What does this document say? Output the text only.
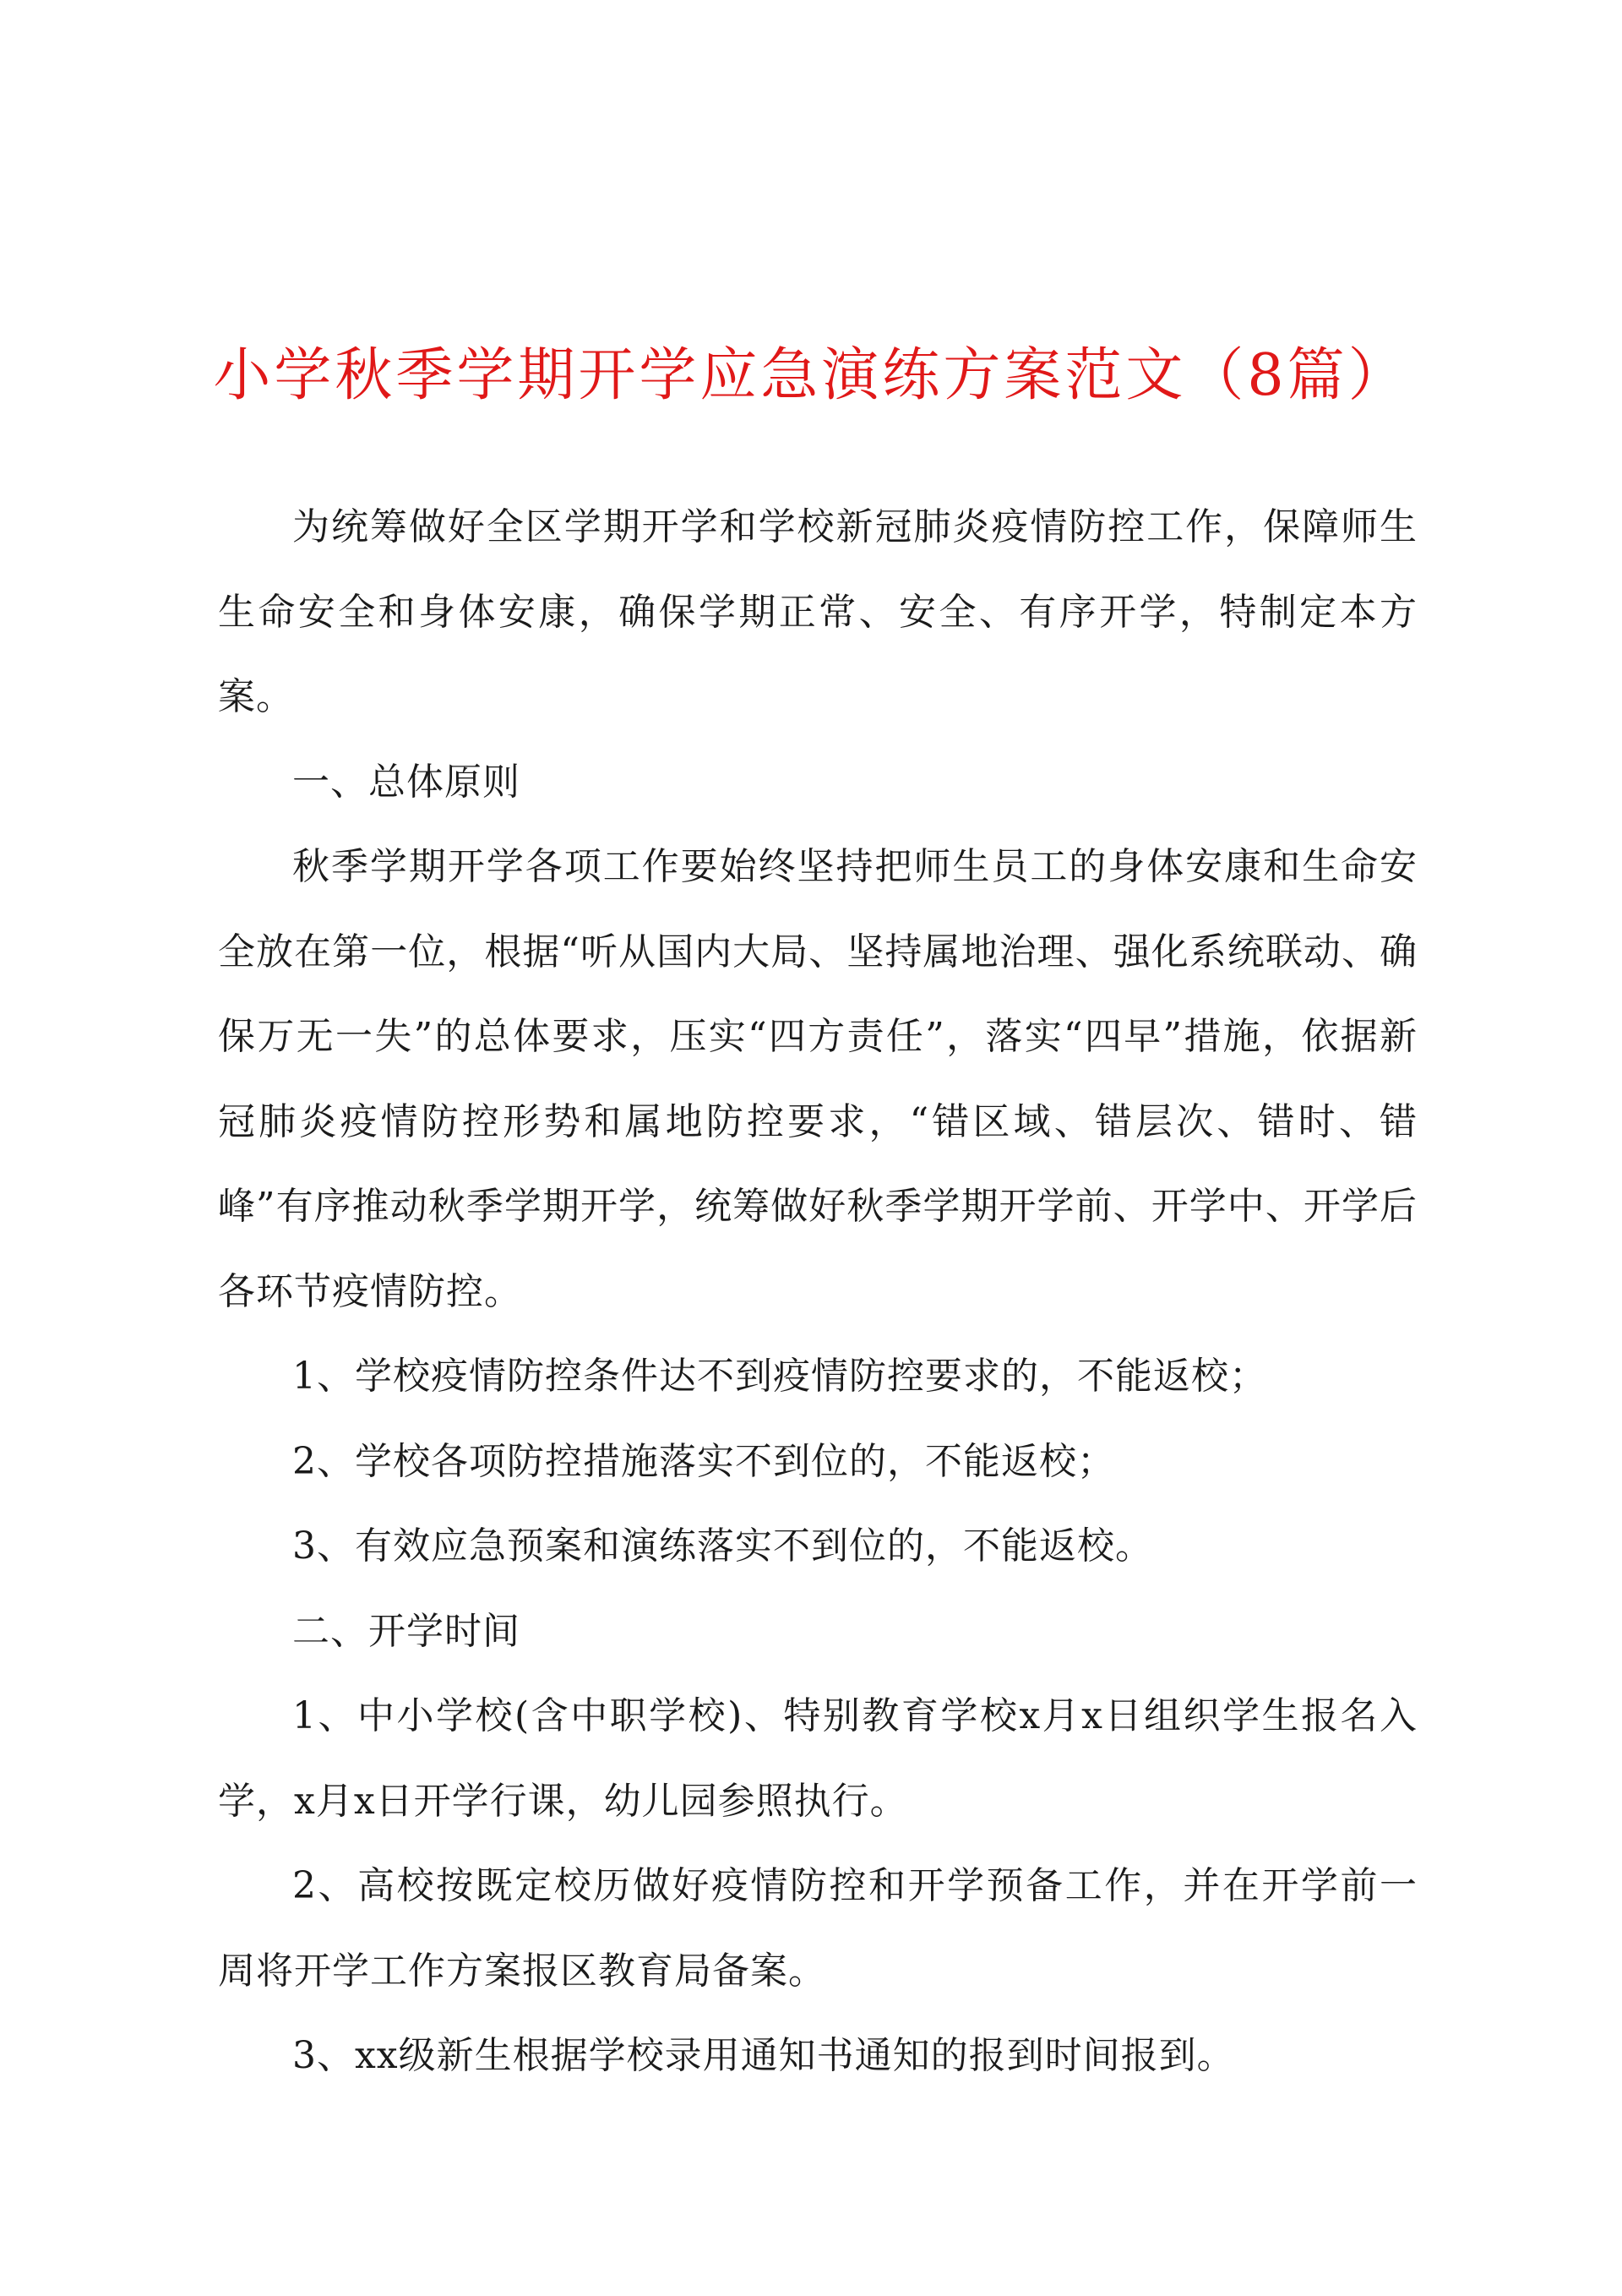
小学秋季学期开学应急演练方案范文（8篇）

为统筹做好全区学期开学和学校新冠肺炎疫情防控工作，保障师生生命安全和身体安康，确保学期正常、安全、有序开学，特制定本方案。

一、总体原则

秋季学期开学各项工作要始终坚持把师生员工的身体安康和生命安全放在第一位，根据“听从国内大局、坚持属地治理、强化系统联动、确保万无一失”的总体要求，压实“四方责任”，落实“四早”措施，依据新冠肺炎疫情防控形势和属地防控要求，“错区域、错层次、错时、错峰”有序推动秋季学期开学，统筹做好秋季学期开学前、开学中、开学后各环节疫情防控。

1、学校疫情防控条件达不到疫情防控要求的，不能返校；

2、学校各项防控措施落实不到位的，不能返校；

3、有效应急预案和演练落实不到位的，不能返校。

二、开学时间

1、中小学校(含中职学校)、特别教育学校x月x日组织学生报名入学，x月x日开学行课，幼儿园参照执行。

2、高校按既定校历做好疫情防控和开学预备工作，并在开学前一周将开学工作方案报区教育局备案。

3、xx级新生根据学校录用通知书通知的报到时间报到。
